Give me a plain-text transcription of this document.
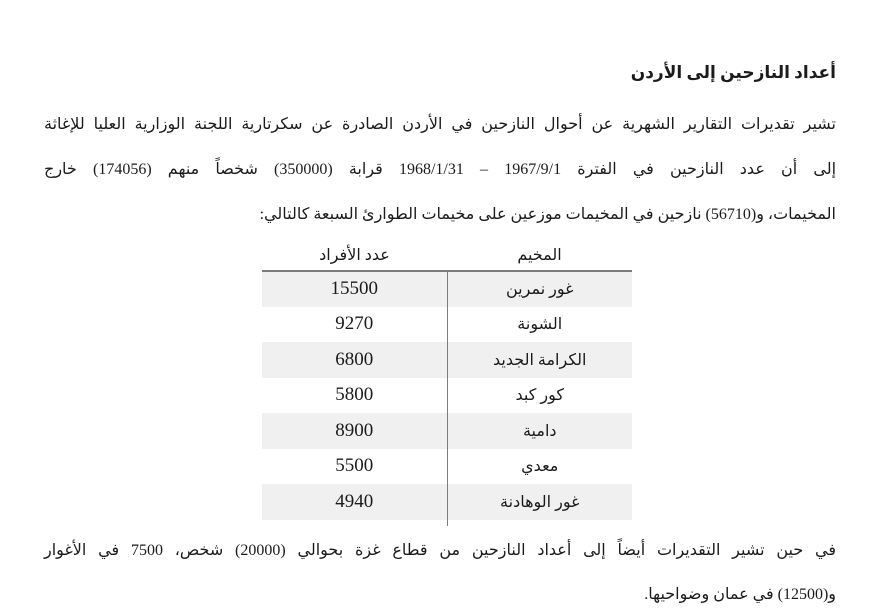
أعداد النازحين إلى الأردن
تشير تقديرات التقارير الشهرية عن أحوال النازحين في الأردن الصادرة عن سكرتارية اللجنة الوزارية العليا للإغاثة
إلى أن عدد النازحين في الفترة 1967/9/1 – 1968/1/31 قرابة (350000) شخصاً منهم (174056) خارج
المخيمات، و(56710) نازحين في المخيمات موزعين على مخيمات الطوارئ السبعة كالتالي:
المخيم	عدد الأفراد
غور نمرين	15500
الشونة	9270
الكرامة الجديد	6800
كور كبد	5800
دامية	8900
معدي	5500
غور الوهادنة	4940

في حين تشير التقديرات أيضاً إلى أعداد النازحين من قطاع غزة بحوالي (20000) شخص، 7500 في الأغوار
و(12500) في عمان وضواحيها.
